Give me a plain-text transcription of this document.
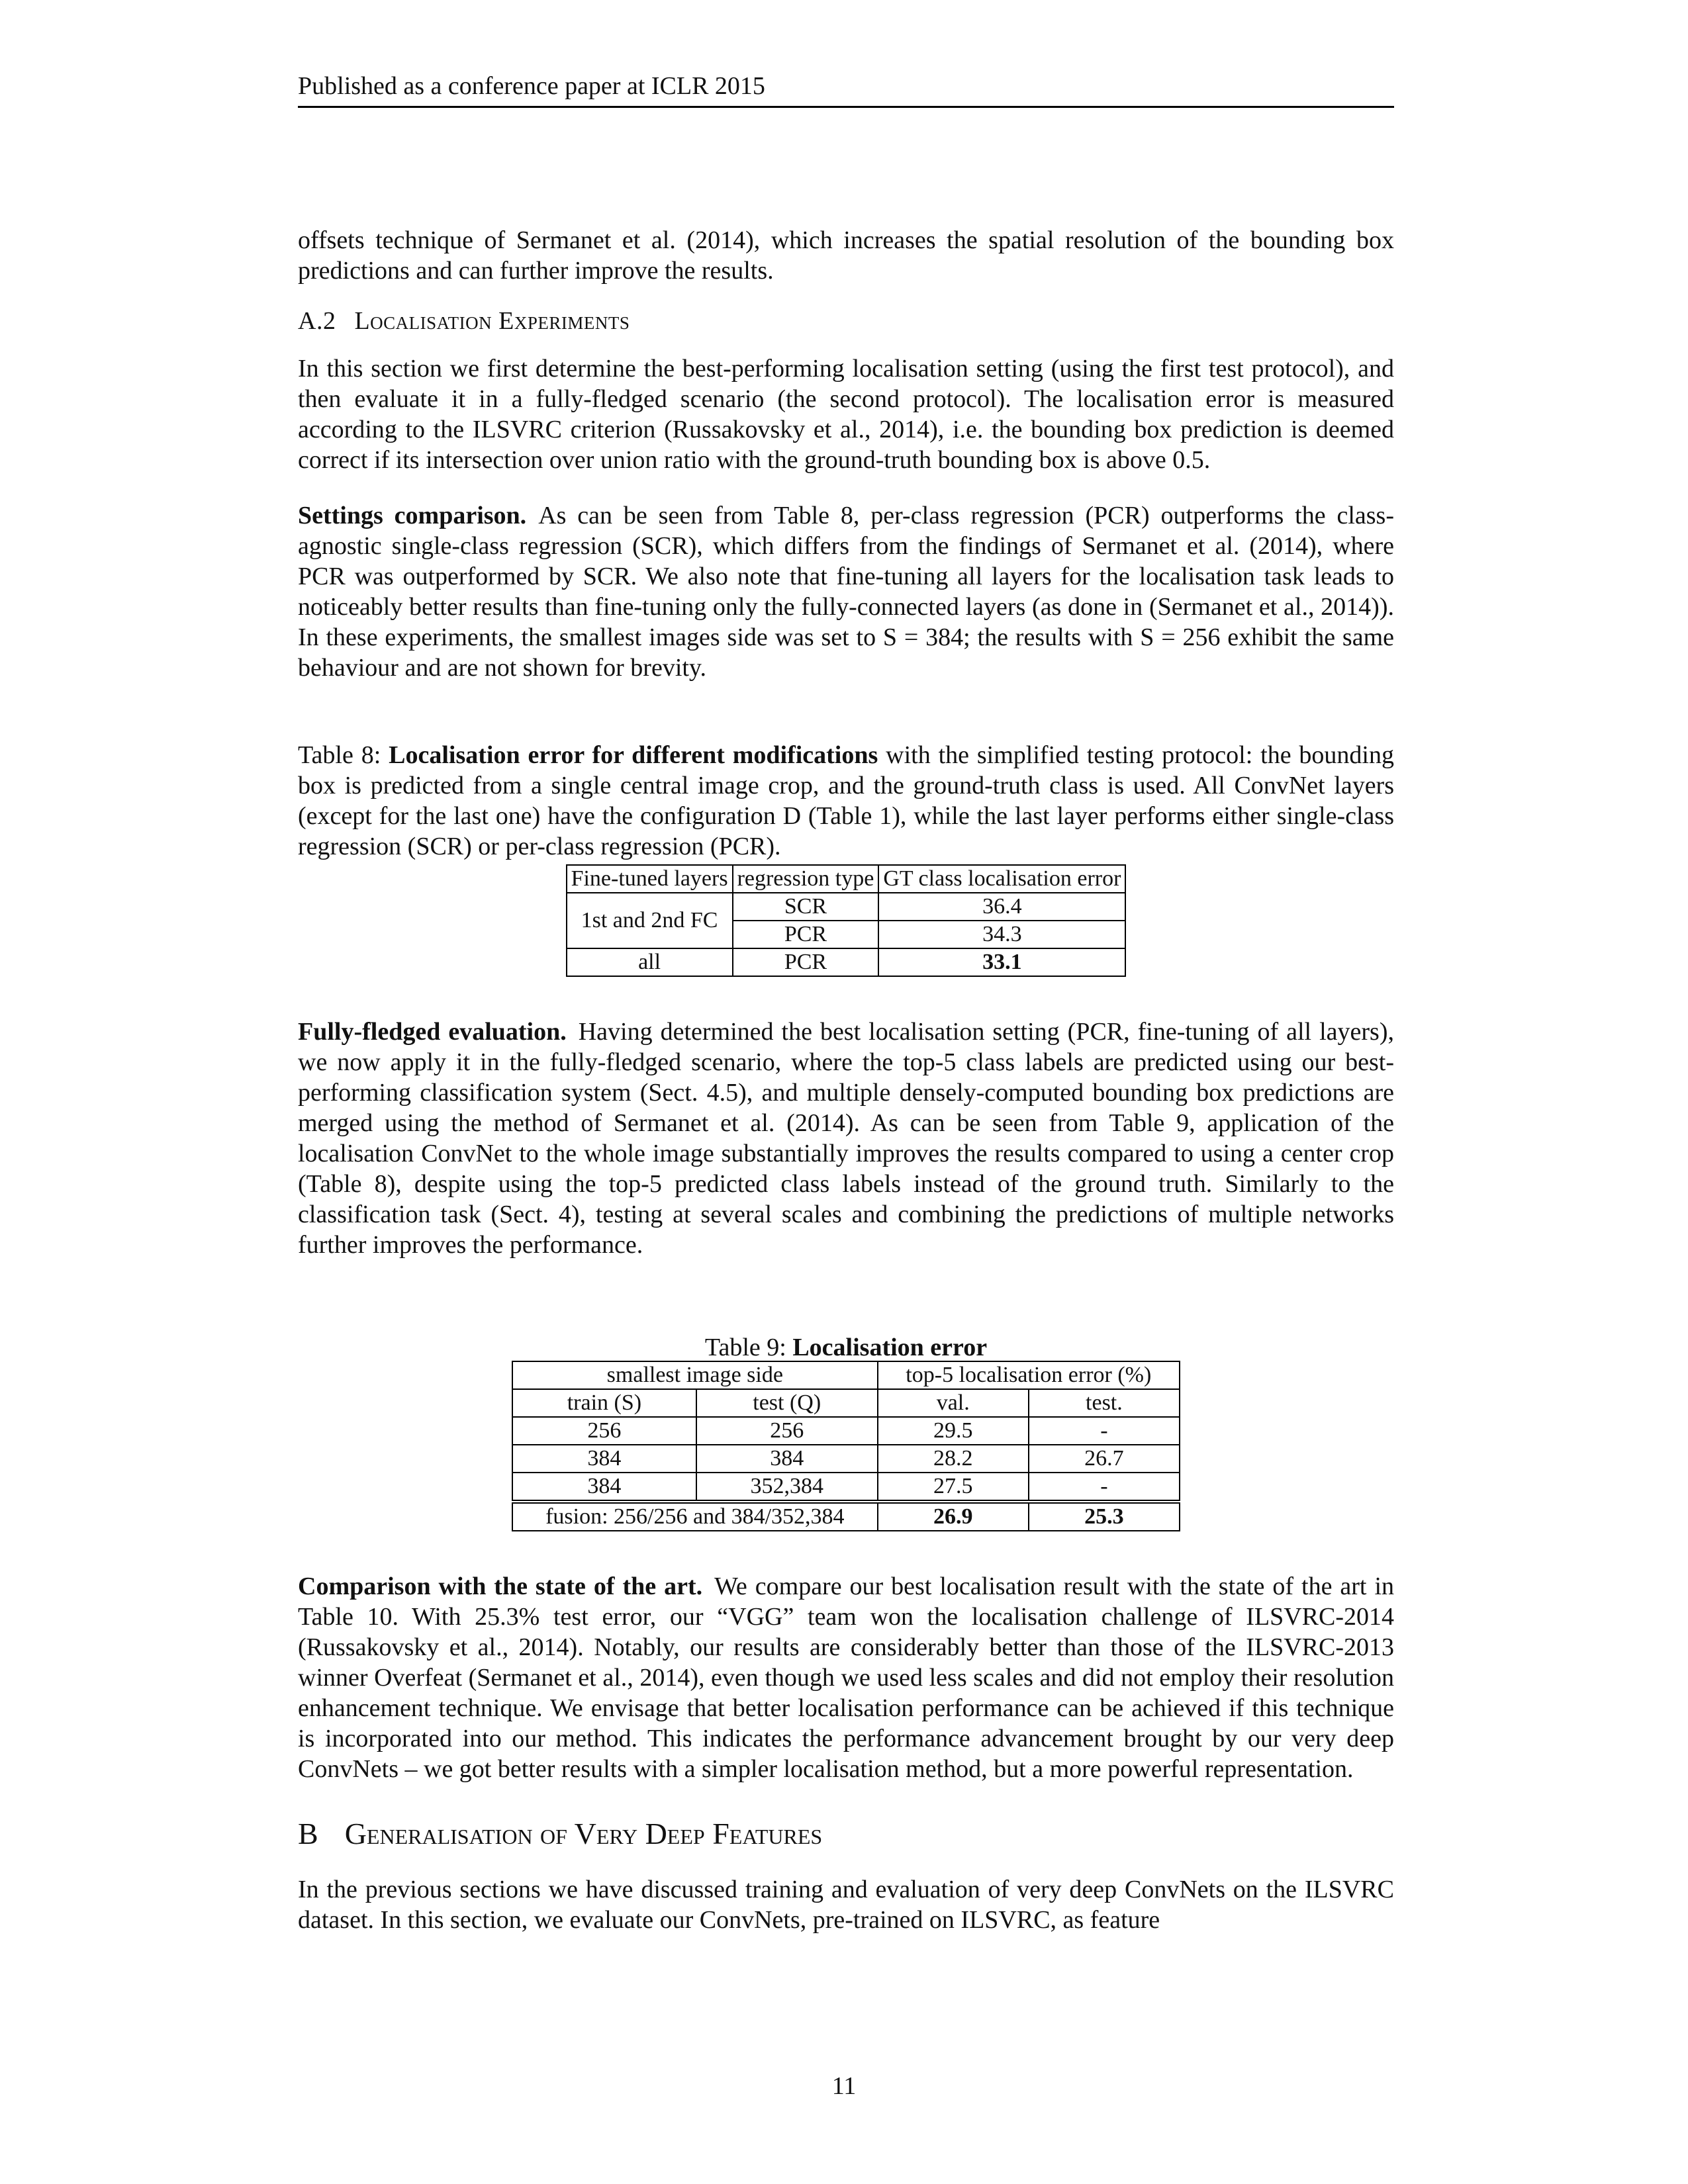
Published as a conference paper at ICLR 2015

offsets technique of Sermanet et al. (2014), which increases the spatial resolution of the bounding box predictions and can further improve the results.

A.2 Localisation Experiments

In this section we first determine the best-performing localisation setting (using the first test protocol), and then evaluate it in a fully-fledged scenario (the second protocol). The localisation error is measured according to the ILSVRC criterion (Russakovsky et al., 2014), i.e. the bounding box prediction is deemed correct if its intersection over union ratio with the ground-truth bounding box is above 0.5.

Settings comparison. As can be seen from Table 8, per-class regression (PCR) outperforms the class-agnostic single-class regression (SCR), which differs from the findings of Sermanet et al. (2014), where PCR was outperformed by SCR. We also note that fine-tuning all layers for the localisation task leads to noticeably better results than fine-tuning only the fully-connected layers (as done in (Sermanet et al., 2014)). In these experiments, the smallest images side was set to S = 384; the results with S = 256 exhibit the same behaviour and are not shown for brevity.

Table 8: Localisation error for different modifications with the simplified testing protocol: the bounding box is predicted from a single central image crop, and the ground-truth class is used. All ConvNet layers (except for the last one) have the configuration D (Table 1), while the last layer performs either single-class regression (SCR) or per-class regression (PCR).

Fine-tuned layers	regression type	GT class localisation error
1st and 2nd FC	SCR	36.4
	PCR	34.3
all	PCR	33.1

Fully-fledged evaluation. Having determined the best localisation setting (PCR, fine-tuning of all layers), we now apply it in the fully-fledged scenario, where the top-5 class labels are predicted using our best-performing classification system (Sect. 4.5), and multiple densely-computed bounding box predictions are merged using the method of Sermanet et al. (2014). As can be seen from Table 9, application of the localisation ConvNet to the whole image substantially improves the results compared to using a center crop (Table 8), despite using the top-5 predicted class labels instead of the ground truth. Similarly to the classification task (Sect. 4), testing at several scales and combining the predictions of multiple networks further improves the performance.

Table 9: Localisation error
smallest image side		top-5 localisation error (%)	
train (S)	test (Q)	val.	test.
256	256	29.5	-
384	384	28.2	26.7
384	352,384	27.5	-
fusion: 256/256 and 384/352,384		26.9	25.3

Comparison with the state of the art. We compare our best localisation result with the state of the art in Table 10. With 25.3% test error, our “VGG” team won the localisation challenge of ILSVRC-2014 (Russakovsky et al., 2014). Notably, our results are considerably better than those of the ILSVRC-2013 winner Overfeat (Sermanet et al., 2014), even though we used less scales and did not employ their resolution enhancement technique. We envisage that better localisation performance can be achieved if this technique is incorporated into our method. This indicates the performance advancement brought by our very deep ConvNets – we got better results with a simpler localisation method, but a more powerful representation.

B Generalisation of Very Deep Features

In the previous sections we have discussed training and evaluation of very deep ConvNets on the ILSVRC dataset. In this section, we evaluate our ConvNets, pre-trained on ILSVRC, as feature

11
